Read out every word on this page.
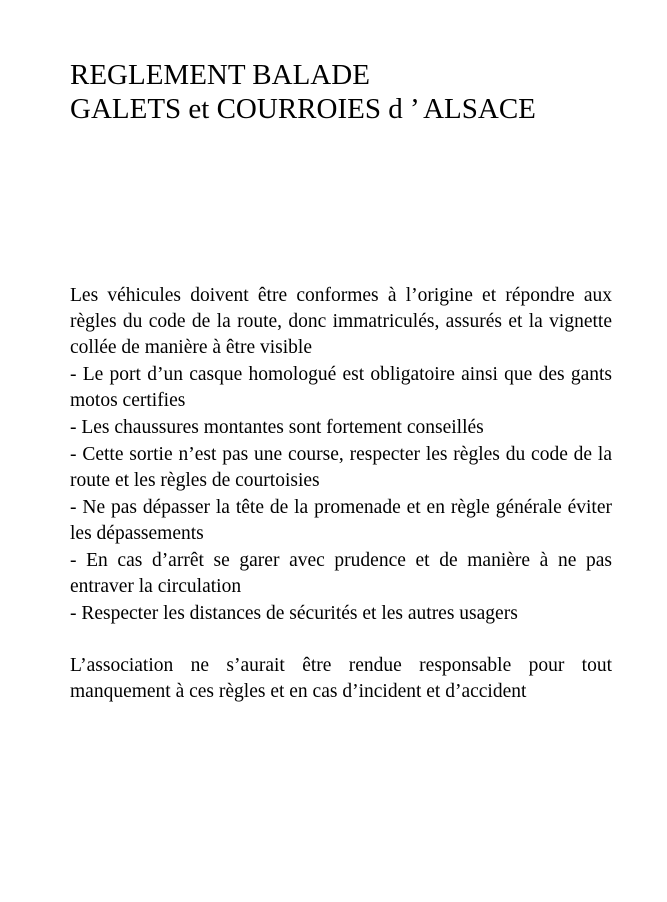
REGLEMENT BALADE
GALETS et COURROIES d ’ ALSACE

Les véhicules doivent être conformes à l’origine et répondre aux règles du code de la route, donc immatriculés, assurés et la vignette collée de manière à être visible

- Le port d’un casque homologué est obligatoire ainsi que des gants motos certifies

- Les chaussures montantes sont fortement conseillés

- Cette sortie n’est pas une course, respecter les règles du code de la route et les règles de courtoisies

- Ne pas dépasser la tête de la promenade et en règle générale éviter les dépassements

- En cas d’arrêt se garer avec prudence et de manière à ne pas entraver la circulation

- Respecter les distances de sécurités et les autres usagers

L’association ne s’aurait être rendue responsable pour tout manquement à ces règles et en cas d’incident et d’accident
